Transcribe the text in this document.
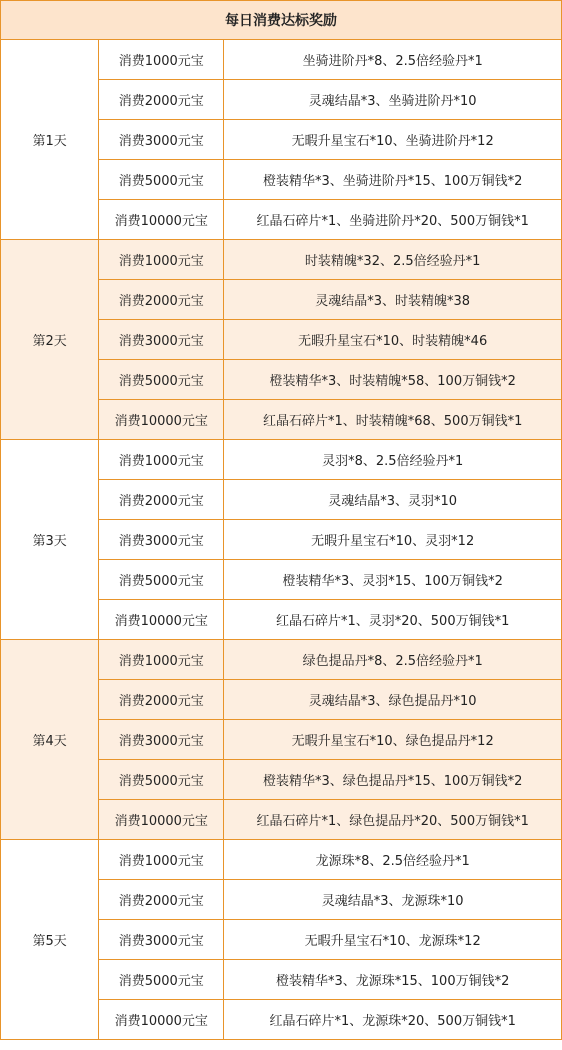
每日消费达标奖励		
第1天	消费1000元宝	坐骑进阶丹*8、2.5倍经验丹*1
	消费2000元宝	灵魂结晶*3、坐骑进阶丹*10
	消费3000元宝	无暇升星宝石*10、坐骑进阶丹*12
	消费5000元宝	橙装精华*3、坐骑进阶丹*15、100万铜钱*2
	消费10000元宝	红晶石碎片*1、坐骑进阶丹*20、500万铜钱*1
第2天	消费1000元宝	时装精魄*32、2.5倍经验丹*1
	消费2000元宝	灵魂结晶*3、时装精魄*38
	消费3000元宝	无暇升星宝石*10、时装精魄*46
	消费5000元宝	橙装精华*3、时装精魄*58、100万铜钱*2
	消费10000元宝	红晶石碎片*1、时装精魄*68、500万铜钱*1
第3天	消费1000元宝	灵羽*8、2.5倍经验丹*1
	消费2000元宝	灵魂结晶*3、灵羽*10
	消费3000元宝	无暇升星宝石*10、灵羽*12
	消费5000元宝	橙装精华*3、灵羽*15、100万铜钱*2
	消费10000元宝	红晶石碎片*1、灵羽*20、500万铜钱*1
第4天	消费1000元宝	绿色提品丹*8、2.5倍经验丹*1
	消费2000元宝	灵魂结晶*3、绿色提品丹*10
	消费3000元宝	无暇升星宝石*10、绿色提品丹*12
	消费5000元宝	橙装精华*3、绿色提品丹*15、100万铜钱*2
	消费10000元宝	红晶石碎片*1、绿色提品丹*20、500万铜钱*1
第5天	消费1000元宝	龙源珠*8、2.5倍经验丹*1
	消费2000元宝	灵魂结晶*3、龙源珠*10
	消费3000元宝	无暇升星宝石*10、龙源珠*12
	消费5000元宝	橙装精华*3、龙源珠*15、100万铜钱*2
	消费10000元宝	红晶石碎片*1、龙源珠*20、500万铜钱*1
